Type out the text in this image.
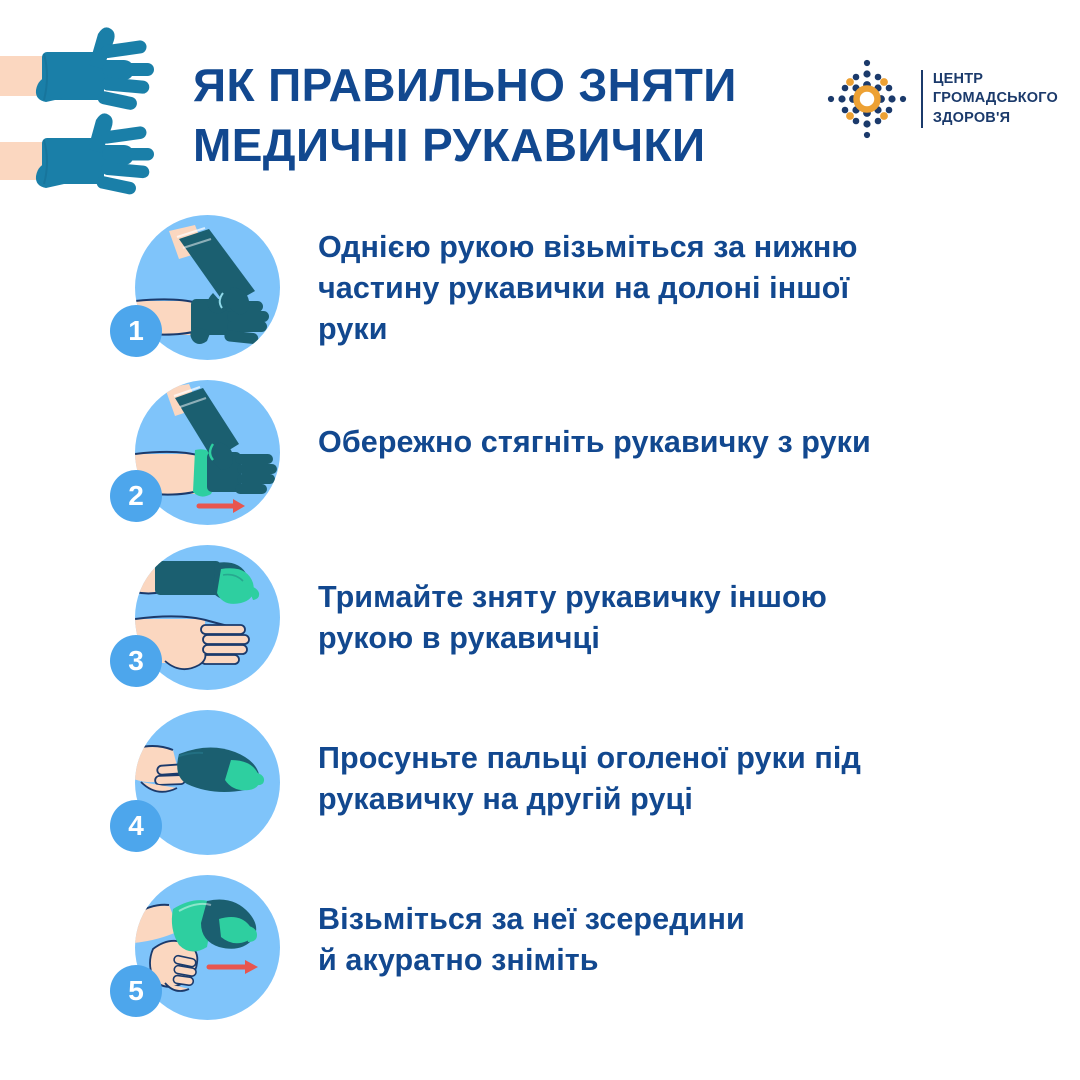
ЯК ПРАВИЛЬНО ЗНЯТИ
МЕДИЧНІ РУКАВИЧКИ
ЦЕНТР
ГРОМАДСЬКОГО
ЗДОРОВ'Я
1
Однією рукою візьміться за нижню
частину рукавички на долоні іншої
руки
2
Обережно стягніть рукавичку з руки
3
Тримайте зняту рукавичку іншою
рукою в рукавичці
4
Просуньте пальці оголеної руки під
рукавичку на другій руці
5
Візьміться за неї зсередини
й акуратно зніміть
